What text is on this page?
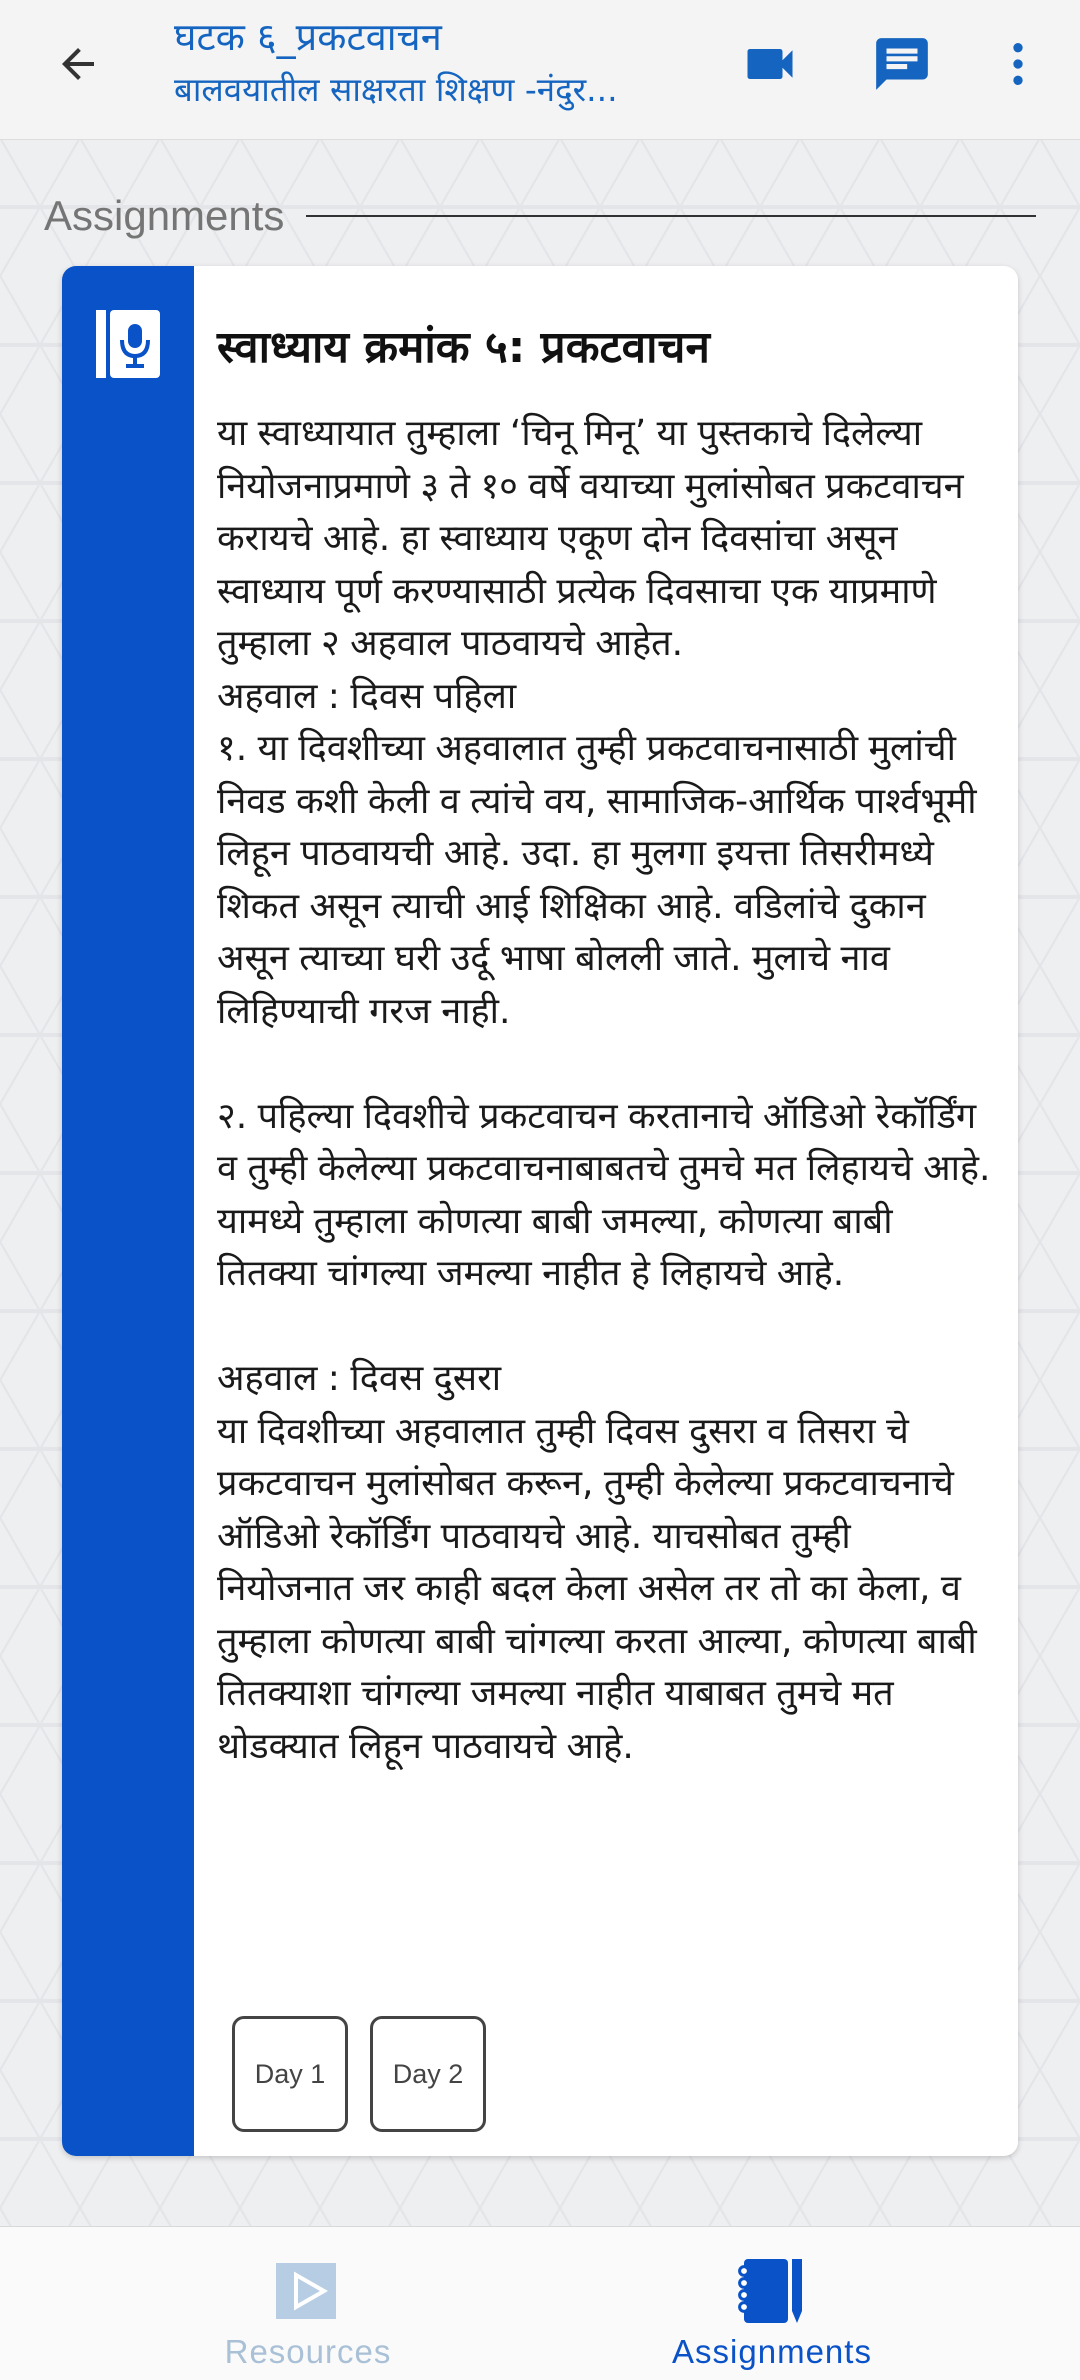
घटक ६_प्रकटवाचन
बालवयातील साक्षरता शिक्षण -नंदुर...
Assignments
स्वाध्याय क्रमांक ५: प्रकटवाचन
या स्वाध्यायात तुम्हाला ‘चिनू मिनू’ या पुस्तकाचे दिलेल्या नियोजनाप्रमाणे ३ ते १० वर्षे वयाच्या मुलांसोबत प्रकटवाचन करायचे आहे. हा स्वाध्याय एकूण दोन दिवसांचा असून स्वाध्याय पूर्ण करण्यासाठी प्रत्येक दिवसाचा एक याप्रमाणे तुम्हाला २ अहवाल पाठवायचे आहेत.
अहवाल : दिवस पहिला
१. या दिवशीच्या अहवालात तुम्ही प्रकटवाचनासाठी मुलांची निवड कशी केली व त्यांचे वय, सामाजिक-आर्थिक पार्श्वभूमी लिहून पाठवायची आहे. उदा. हा मुलगा इयत्ता तिसरीमध्ये शिकत असून त्याची आई शिक्षिका आहे. वडिलांचे दुकान असून त्याच्या घरी उर्दू भाषा बोलली जाते. मुलाचे नाव लिहिण्याची गरज नाही.

२. पहिल्या दिवशीचे प्रकटवाचन करतानाचे ऑडिओ रेकॉर्डिंग व तुम्ही केलेल्या प्रकटवाचनाबाबतचे तुमचे मत लिहायचे आहे. यामध्ये तुम्हाला कोणत्या बाबी जमल्या, कोणत्या बाबी तितक्या चांगल्या जमल्या नाहीत हे लिहायचे आहे.

अहवाल : दिवस दुसरा
या दिवशीच्या अहवालात तुम्ही दिवस दुसरा व तिसरा चे प्रकटवाचन मुलांसोबत करून, तुम्ही केलेल्या प्रकटवाचनाचे ऑडिओ रेकॉर्डिंग पाठवायचे आहे. याचसोबत तुम्ही नियोजनात जर काही बदल केला असेल तर तो का केला, व तुम्हाला कोणत्या बाबी चांगल्या करता आल्या, कोणत्या बाबी तितक्याशा चांगल्या जमल्या नाहीत याबाबत तुमचे मत थोडक्यात लिहून पाठवायचे आहे.
Day 1	Day 2
Resources	Assignments
